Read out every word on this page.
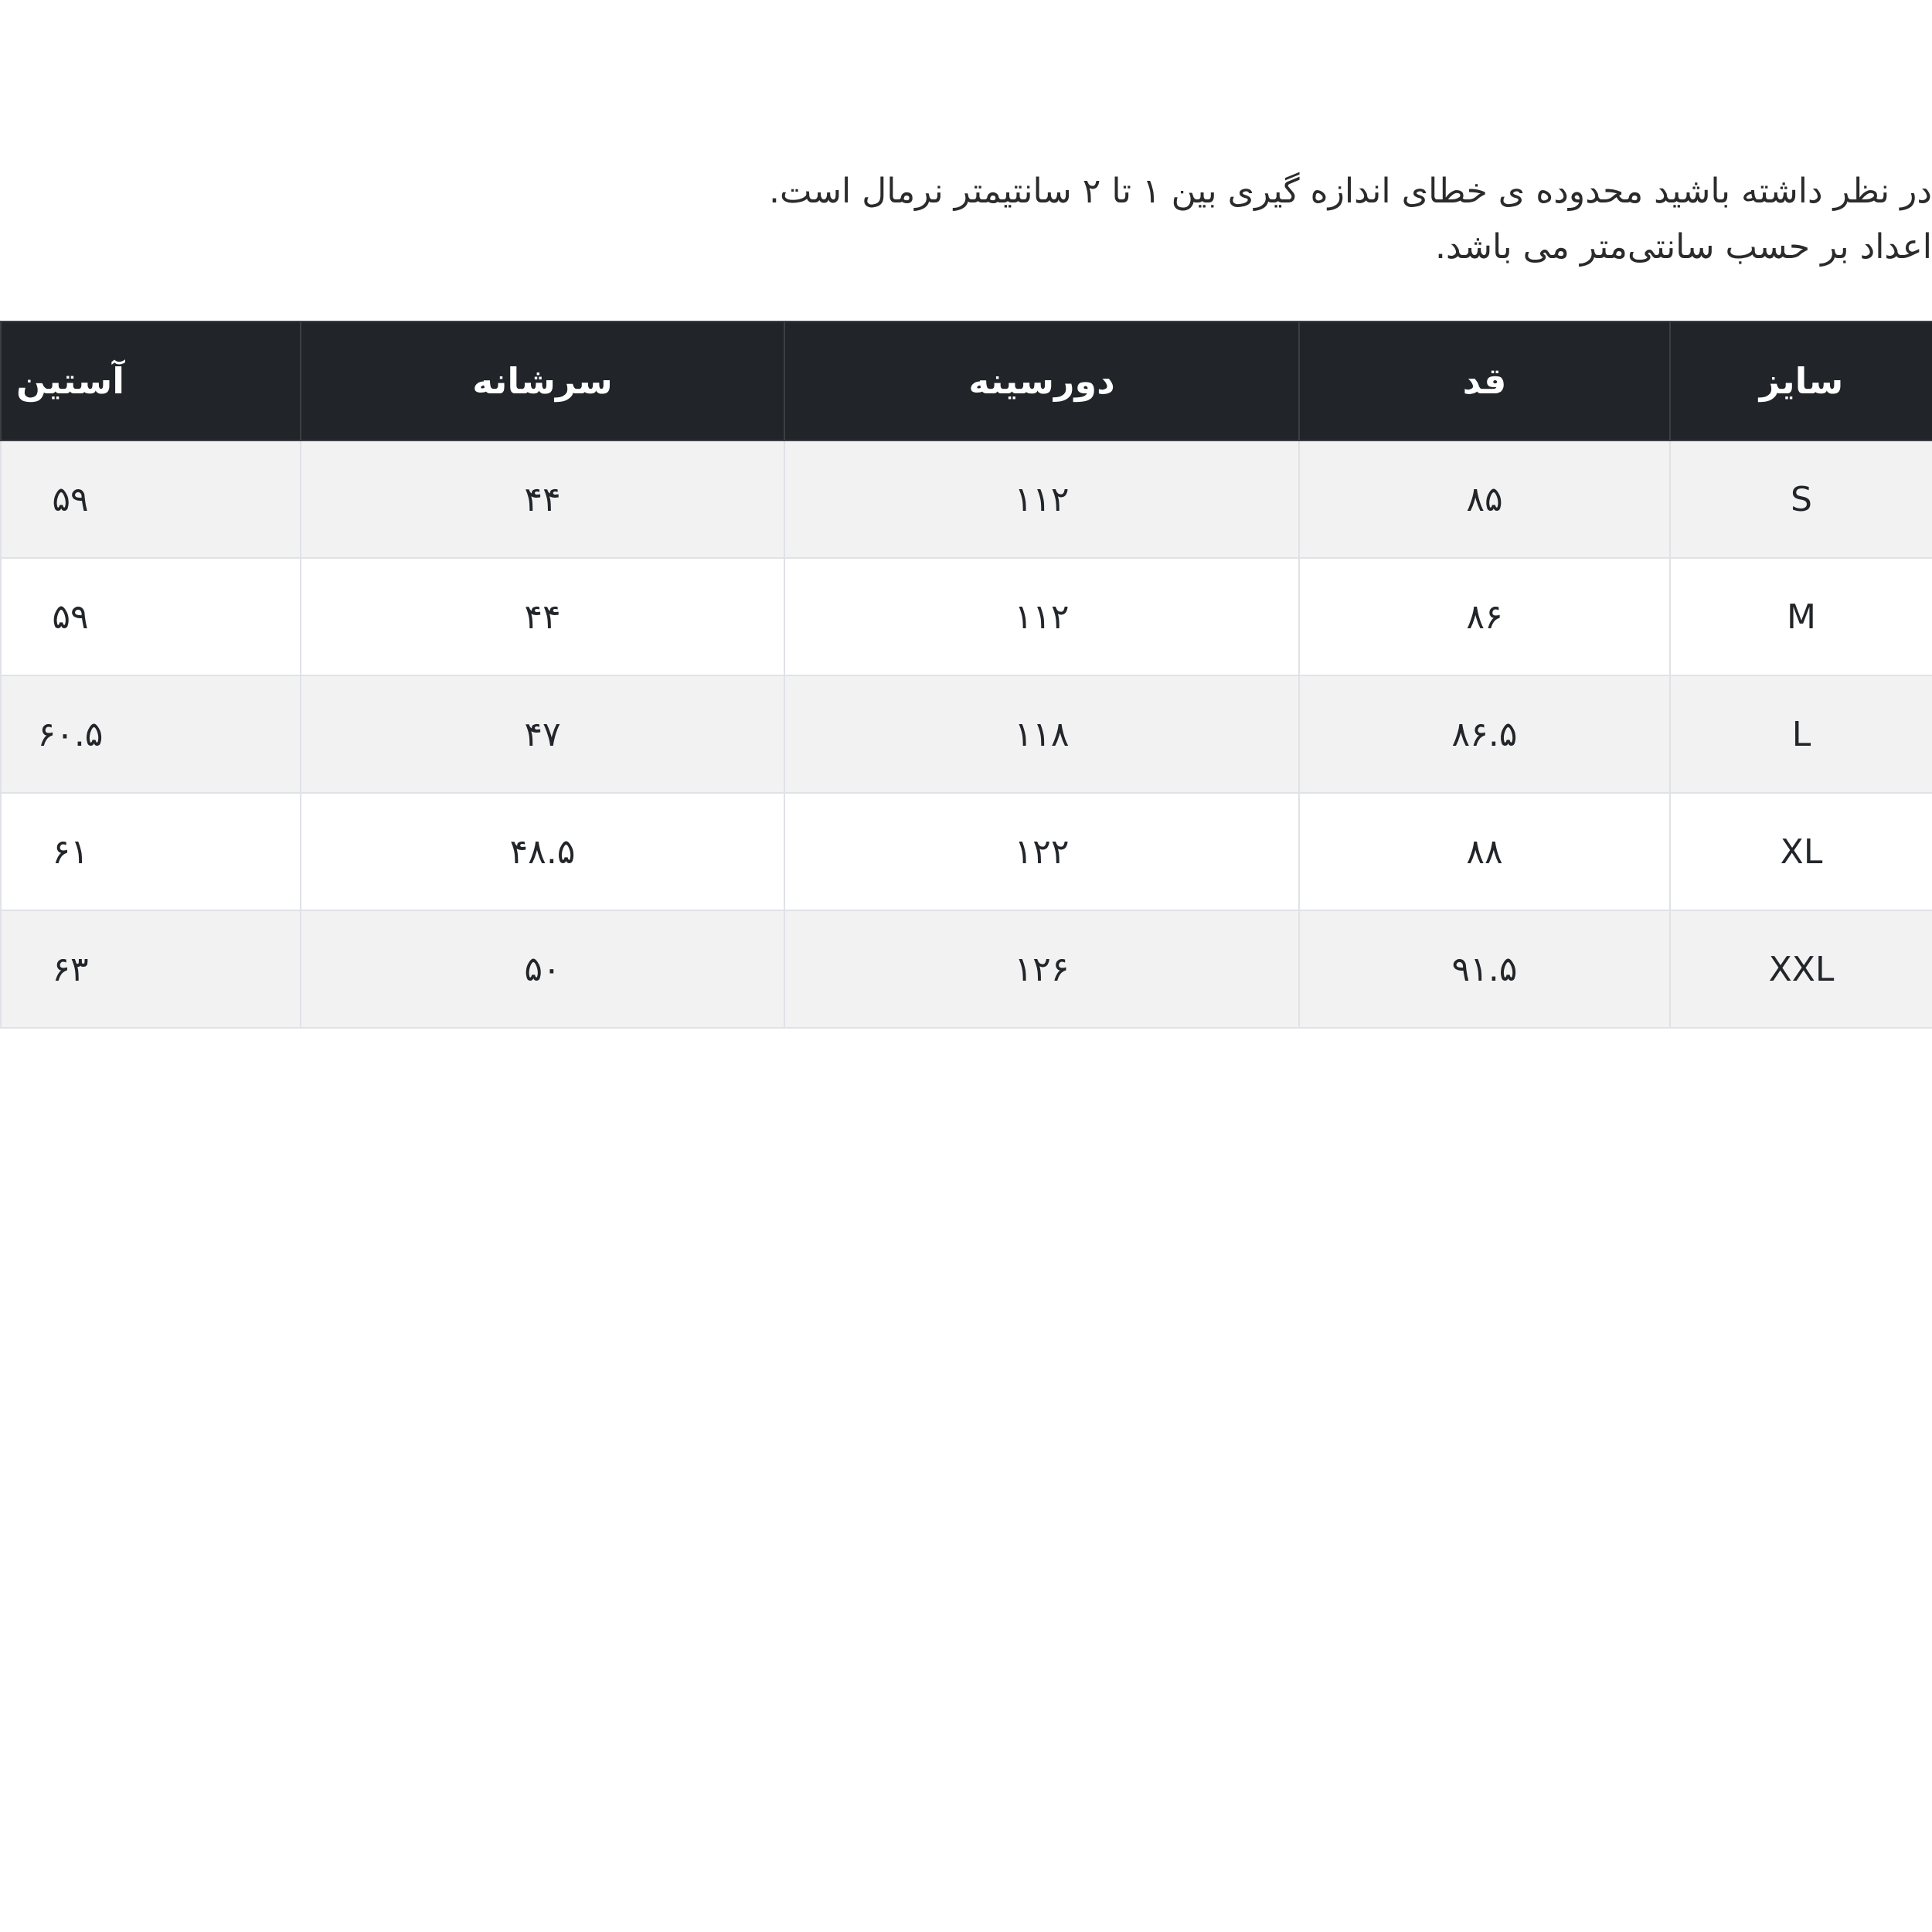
در نظر داشته باشید محدوده ی خطای اندازه گیری بین ۱ تا ۲ سانتیمتر نرمال است.
اعداد بر حسب سانتی‌متر می باشد.
سایز	قد	دورسینه	سرشانه	آستین
S	۸۵	۱۱۲	۴۴	۵۹
M	۸۶	۱۱۲	۴۴	۵۹
L	۸۶.۵	۱۱۸	۴۷	۶۰.۵
XL	۸۸	۱۲۲	۴۸.۵	۶۱
XXL	۹۱.۵	۱۲۶	۵۰	۶۳
